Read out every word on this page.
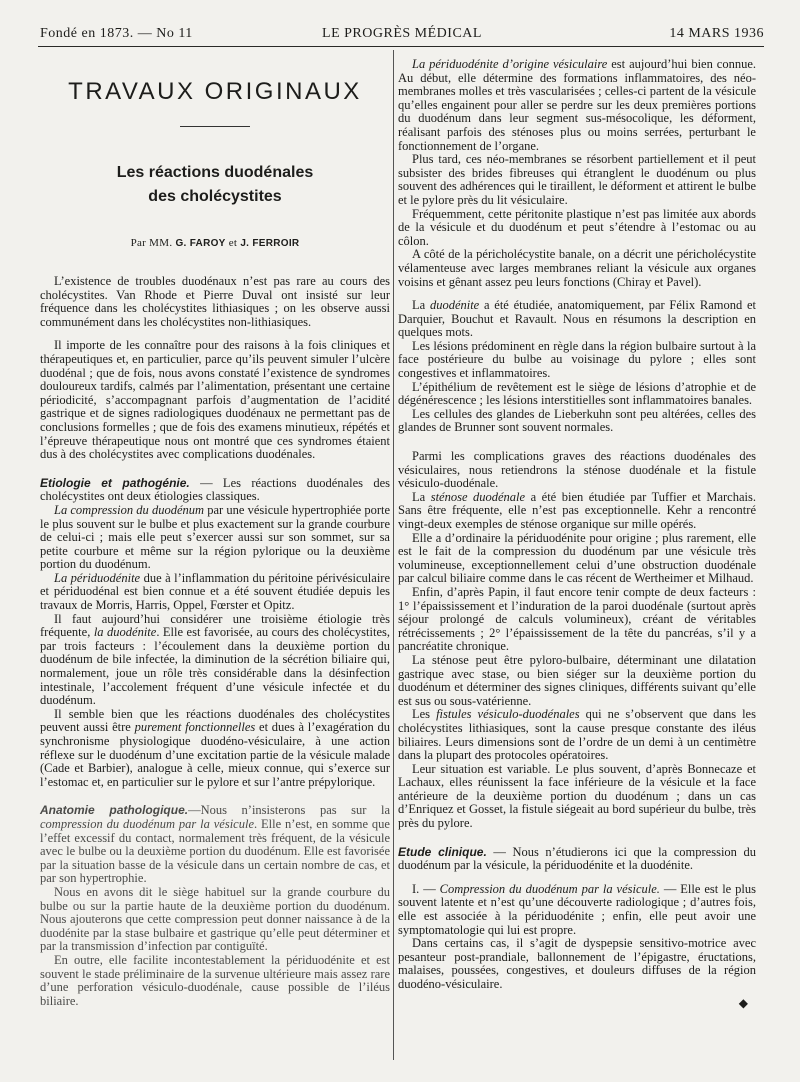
Fondé en 1873. — No 11	LE PROGRÈS MÉDICAL	14 MARS 1936
TRAVAUX ORIGINAUX
Les réactions duodénales
des cholécystites
Par MM. G. FAROY et J. FERROIR

L’existence de troubles duodénaux n’est pas rare au cours des cholécystites. Van Rhode et Pierre Duval ont insisté sur leur fréquence dans les cholécystites lithiasiques ; on les observe aussi communément dans les cholécystites non-lithiasiques.

Il importe de les connaître pour des raisons à la fois cliniques et thérapeutiques et, en particulier, parce qu’ils peuvent simuler l’ulcère duodénal ; que de fois, nous avons constaté l’existence de syndromes douloureux tardifs, calmés par l’alimentation, présentant une certaine périodicité, s’accompagnant parfois d’augmentation de l’acidité gastrique et de signes radiologiques duodénaux ne permettant pas de conclusions formelles ; que de fois des examens minutieux, répétés et l’épreuve thérapeutique nous ont montré que ces syndromes étaient dus à des cholécystites avec complications duodénales.

Etiologie et pathogénie. — Les réactions duodénales des cholécystites ont deux étiologies classiques.

La compression du duodénum par une vésicule hypertrophiée porte le plus souvent sur le bulbe et plus exactement sur la grande courbure de celui-ci ; mais elle peut s’exercer aussi sur son sommet, sur sa petite courbure et même sur la région pylorique ou la deuxième portion du duodénum.

La périduodénite due à l’inflammation du péritoine périvésiculaire et périduodénal est bien connue et a été souvent étudiée depuis les travaux de Morris, Harris, Oppel, Fœrster et Opitz.

Il faut aujourd’hui considérer une troisième étiologie très fréquente, la duodénite. Elle est favorisée, au cours des cholécystites, par trois facteurs : l’écoulement dans la deuxième portion du duodénum de bile infectée, la diminution de la sécrétion biliaire qui, normalement, joue un rôle très considérable dans la désinfection intestinale, l’accolement fréquent d’une vésicule infectée et du duodénum.

Il semble bien que les réactions duodénales des cholécystites peuvent aussi être purement fonctionnelles et dues à l’exagération du synchronisme physiologique duodéno-vésiculaire, à une action réflexe sur le duodénum d’une excitation partie de la vésicule malade (Cade et Barbier), analogue à celle, mieux connue, qui s’exerce sur l’estomac et, en particulier sur le pylore et sur l’antre prépylorique.

Anatomie pathologique.—Nous n’insisterons pas sur la compression du duodénum par la vésicule. Elle n’est, en somme que l’effet excessif du contact, normalement très fréquent, de la vésicule avec le bulbe ou la deuxième portion du duodénum. Elle est favorisée par la situation basse de la vésicule dans un certain nombre de cas, et par son hypertrophie.

Nous en avons dit le siège habituel sur la grande courbure du bulbe ou sur la partie haute de la deuxième portion du duodénum. Nous ajouterons que cette compression peut donner naissance à de la duodénite par la stase bulbaire et gastrique qu’elle peut déterminer et par la transmission d’infection par contiguïté.

En outre, elle facilite incontestablement la périduodénite et est souvent le stade préliminaire de la survenue ultérieure mais assez rare d’une perforation vésiculo-duodénale, cause possible de l’iléus biliaire.

La périduodénite d’origine vésiculaire est aujourd’hui bien connue. Au début, elle détermine des formations inflammatoires, des néo-membranes molles et très vascularisées ; celles-ci partent de la vésicule qu’elles engainent pour aller se perdre sur les deux premières portions du duodénum dans leur segment sus-mésocolique, les déforment, réalisant parfois des sténoses plus ou moins serrées, perturbant le fonctionnement de l’organe.

Plus tard, ces néo-membranes se résorbent partiellement et il peut subsister des brides fibreuses qui étranglent le duodénum ou plus souvent des adhérences qui le tiraillent, le déforment et attirent le bulbe et le pylore près du lit vésiculaire.

Fréquemment, cette péritonite plastique n’est pas limitée aux abords de la vésicule et du duodénum et peut s’étendre à l’estomac ou au côlon.

A côté de la péricholécystite banale, on a décrit une péricholécystite vélamenteuse avec larges membranes reliant la vésicule aux organes voisins et gênant assez peu leurs fonctions (Chiray et Pavel).

La duodénite a été étudiée, anatomiquement, par Félix Ramond et Darquier, Bouchut et Ravault. Nous en résumons la description en quelques mots.

Les lésions prédominent en règle dans la région bulbaire surtout à la face postérieure du bulbe au voisinage du pylore ; elles sont congestives et inflammatoires.

L’épithélium de revêtement est le siège de lésions d’atrophie et de dégénérescence ; les lésions interstitielles sont inflammatoires banales.

Les cellules des glandes de Lieberkuhn sont peu altérées, celles des glandes de Brunner sont souvent normales.

Parmi les complications graves des réactions duodénales des vésiculaires, nous retiendrons la sténose duodénale et la fistule vésiculo-duodénale.

La sténose duodénale a été bien étudiée par Tuffier et Marchais. Sans être fréquente, elle n’est pas exceptionnelle. Kehr a rencontré vingt-deux exemples de sténose organique sur mille opérés.

Elle a d’ordinaire la périduodénite pour origine ; plus rarement, elle est le fait de la compression du duodénum par une vésicule très volumineuse, exceptionnellement celui d’une obstruction duodénale par calcul biliaire comme dans le cas récent de Wertheimer et Milhaud.

Enfin, d’après Papin, il faut encore tenir compte de deux facteurs : 1° l’épaississement et l’induration de la paroi duodénale (surtout après séjour prolongé de calculs volumineux), créant de véritables rétrécissements ; 2° l’épaississement de la tête du pancréas, s’il y a pancréatite chronique.

La sténose peut être pyloro-bulbaire, déterminant une dilatation gastrique avec stase, ou bien siéger sur la deuxième portion du duodénum et déterminer des signes cliniques, différents suivant qu’elle est sus ou sous-vatérienne.

Les fistules vésiculo-duodénales qui ne s’observent que dans les cholécystites lithiasiques, sont la cause presque constante des iléus biliaires. Leurs dimensions sont de l’ordre de un demi à un centimètre dans la plupart des protocoles opératoires.

Leur situation est variable. Le plus souvent, d’après Bonnecaze et Lachaux, elles réunissent la face inférieure de la vésicule et la face antérieure de la deuxième portion du duodénum ; dans un cas d’Enriquez et Gosset, la fistule siégeait au bord supérieur du bulbe, très près du pylore.

Etude clinique. — Nous n’étudierons ici que la compression du duodénum par la vésicule, la périduodénite et la duodénite.

I. — Compression du duodénum par la vésicule. — Elle est le plus souvent latente et n’est qu’une découverte radiologique ; d’autres fois, elle est associée à la périduodénite ; enfin, elle peut avoir une symptomatologie qui lui est propre.

Dans certains cas, il s’agit de dyspepsie sensitivo-motrice avec pesanteur post-prandiale, ballonnement de l’épigastre, éructations, malaises, poussées, congestives, et douleurs diffuses de la région duodéno-vésiculaire.

◆
